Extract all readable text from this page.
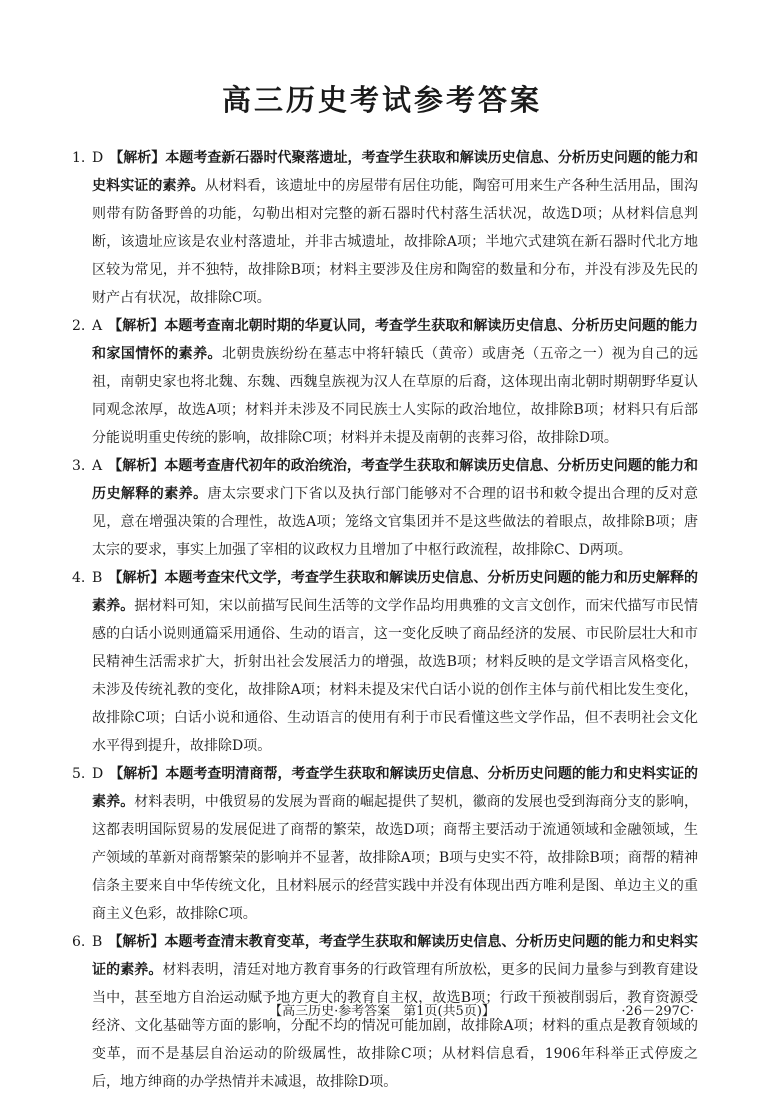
高三历史考试参考答案

1. D 【解析】本题考查新石器时代聚落遗址，考查学生获取和解读历史信息、分析历史问题的能力和史料实证的素养。从材料看，该遗址中的房屋带有居住功能，陶窑可用来生产各种生活用品，围沟则带有防备野兽的功能，勾勒出相对完整的新石器时代村落生活状况，故选D项；从材料信息判断，该遗址应该是农业村落遗址，并非古城遗址，故排除A项；半地穴式建筑在新石器时代北方地区较为常见，并不独特，故排除B项；材料主要涉及住房和陶窑的数量和分布，并没有涉及先民的财产占有状况，故排除C项。

2. A 【解析】本题考查南北朝时期的华夏认同，考查学生获取和解读历史信息、分析历史问题的能力和家国情怀的素养。北朝贵族纷纷在墓志中将轩辕氏（黄帝）或唐尧（五帝之一）视为自己的远祖，南朝史家也将北魏、东魏、西魏皇族视为汉人在草原的后裔，这体现出南北朝时期朝野华夏认同观念浓厚，故选A项；材料并未涉及不同民族士人实际的政治地位，故排除B项；材料只有后部分能说明重史传统的影响，故排除C项；材料并未提及南朝的丧葬习俗，故排除D项。

3. A 【解析】本题考查唐代初年的政治统治，考查学生获取和解读历史信息、分析历史问题的能力和历史解释的素养。唐太宗要求门下省以及执行部门能够对不合理的诏书和敕令提出合理的反对意见，意在增强决策的合理性，故选A项；笼络文官集团并不是这些做法的着眼点，故排除B项；唐太宗的要求，事实上加强了宰相的议政权力且增加了中枢行政流程，故排除C、D两项。

4. B 【解析】本题考查宋代文学，考查学生获取和解读历史信息、分析历史问题的能力和历史解释的素养。据材料可知，宋以前描写民间生活等的文学作品均用典雅的文言文创作，而宋代描写市民情感的白话小说则通篇采用通俗、生动的语言，这一变化反映了商品经济的发展、市民阶层壮大和市民精神生活需求扩大，折射出社会发展活力的增强，故选B项；材料反映的是文学语言风格变化，未涉及传统礼教的变化，故排除A项；材料未提及宋代白话小说的创作主体与前代相比发生变化，故排除C项；白话小说和通俗、生动语言的使用有利于市民看懂这些文学作品，但不表明社会文化水平得到提升，故排除D项。

5. D 【解析】本题考查明清商帮，考查学生获取和解读历史信息、分析历史问题的能力和史料实证的素养。材料表明，中俄贸易的发展为晋商的崛起提供了契机，徽商的发展也受到海商分支的影响，这都表明国际贸易的发展促进了商帮的繁荣，故选D项；商帮主要活动于流通领域和金融领域，生产领域的革新对商帮繁荣的影响并不显著，故排除A项；B项与史实不符，故排除B项；商帮的精神信条主要来自中华传统文化，且材料展示的经营实践中并没有体现出西方唯利是图、单边主义的重商主义色彩，故排除C项。

6. B 【解析】本题考查清末教育变革，考查学生获取和解读历史信息、分析历史问题的能力和史料实证的素养。材料表明，清廷对地方教育事务的行政管理有所放松，更多的民间力量参与到教育建设当中，甚至地方自治运动赋予地方更大的教育自主权，故选B项；行政干预被削弱后，教育资源受经济、文化基础等方面的影响，分配不均的情况可能加剧，故排除A项；材料的重点是教育领域的变革，而不是基层自治运动的阶级属性，故排除C项；从材料信息看，1906年科举正式停废之后，地方绅商的办学热情并未减退，故排除D项。

【高三历史·参考答案　第1页(共5页)】	·26－297C·
